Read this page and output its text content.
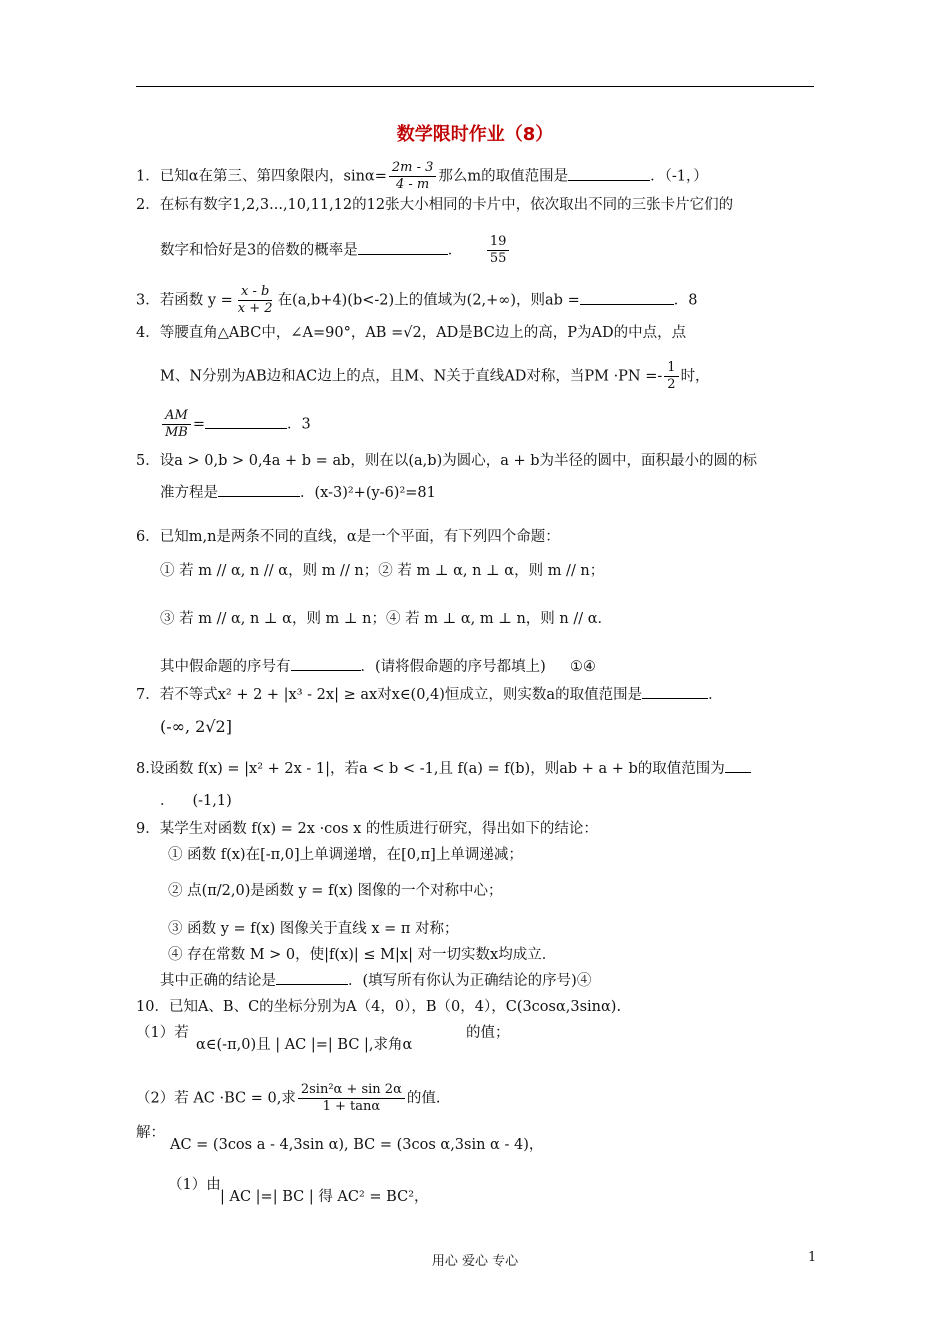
数学限时作业（8）
1．已知α在第三、第四象限内，$\sin\alpha= \frac{2m - 3}{4 - m}$ 那么m的取值范围是	．（-1，）
2．在标有数字1,2,3...,10,11,12的12张大小相同的卡片中，依次取出不同的三张卡片它们的
数字和恰好是3的倍数的概率是	． $\frac{19}{55}$
3．若函数 $y = \frac{x - b}{x + 2}$ 在(a,b+4)(b<-2)上的值域为(2,+∞)，则ab =	．8
4．等腰直角△ABC中，∠A=90°，AB =√2，AD是BC边上的高，P为AD的中点，点
M、N分别为AB边和AC边上的点，且M、N关于直线AD对称，当PM $\cdot PN =- \frac{1}{2}$ 时，
$\frac{AM}{MB}$ =	．3
5．设a > 0,b > 0,4a + b = ab，则在以(a,b)为圆心，a + b为半径的圆中，面积最小的圆的标
准方程是	．(x-3)²+(y-6)²=81
6．已知m,n是两条不同的直线，α是一个平面，有下列四个命题：
① 若 m // α, n // α，则 m // n；② 若 m ⊥ α, n ⊥ α，则 m // n；
③ 若 m // α, n ⊥ α，则 m ⊥ n；④ 若 m ⊥ α, m ⊥ n，则 n // α．
其中假命题的序号有	．(请将假命题的序号都填上) ①④
7．若不等式x² + 2 + |x³ - 2x| ≥ ax对x∈(0,4)恒成立，则实数a的取值范围是	．
(-∞, 2√2]
8.设函数 f(x) = |x² + 2x - 1|，若a < b < -1,且 f(a) = f(b)，则ab + a + b的取值范围为
． (-1,1)
9．某学生对函数 f(x) = 2x ·cos x 的性质进行研究，得出如下的结论：
① 函数 f(x)在[-π,0]上单调递增，在[0,π]上单调递减；
② 点(π/2,0)是函数 y = f(x) 图像的一个对称中心；
③ 函数 y = f(x) 图像关于直线 x = π 对称；
④ 存在常数 M > 0，使|f(x)| ≤ M|x| 对一切实数x均成立．
其中正确的结论是	．(填写所有你认为正确结论的序号)④
10．已知A、B、C的坐标分别为A（4，0），B（0，4），C(3cosα,3sinα).
（1）若
α∈(-π,0)且 | AC |=| BC |,求角α
的值；
（2）若 AC ·BC = 0,求 $\frac{\text{2sin²α + sin 2α}}{1 + \tan\alpha}$ 的值.
解：
AC = (3cos a - 4,3sin α), BC = (3cos α,3sin α - 4)，
（1）由
| AC |=| BC | 得 AC² = BC²，
用心 爱心 专心	1
